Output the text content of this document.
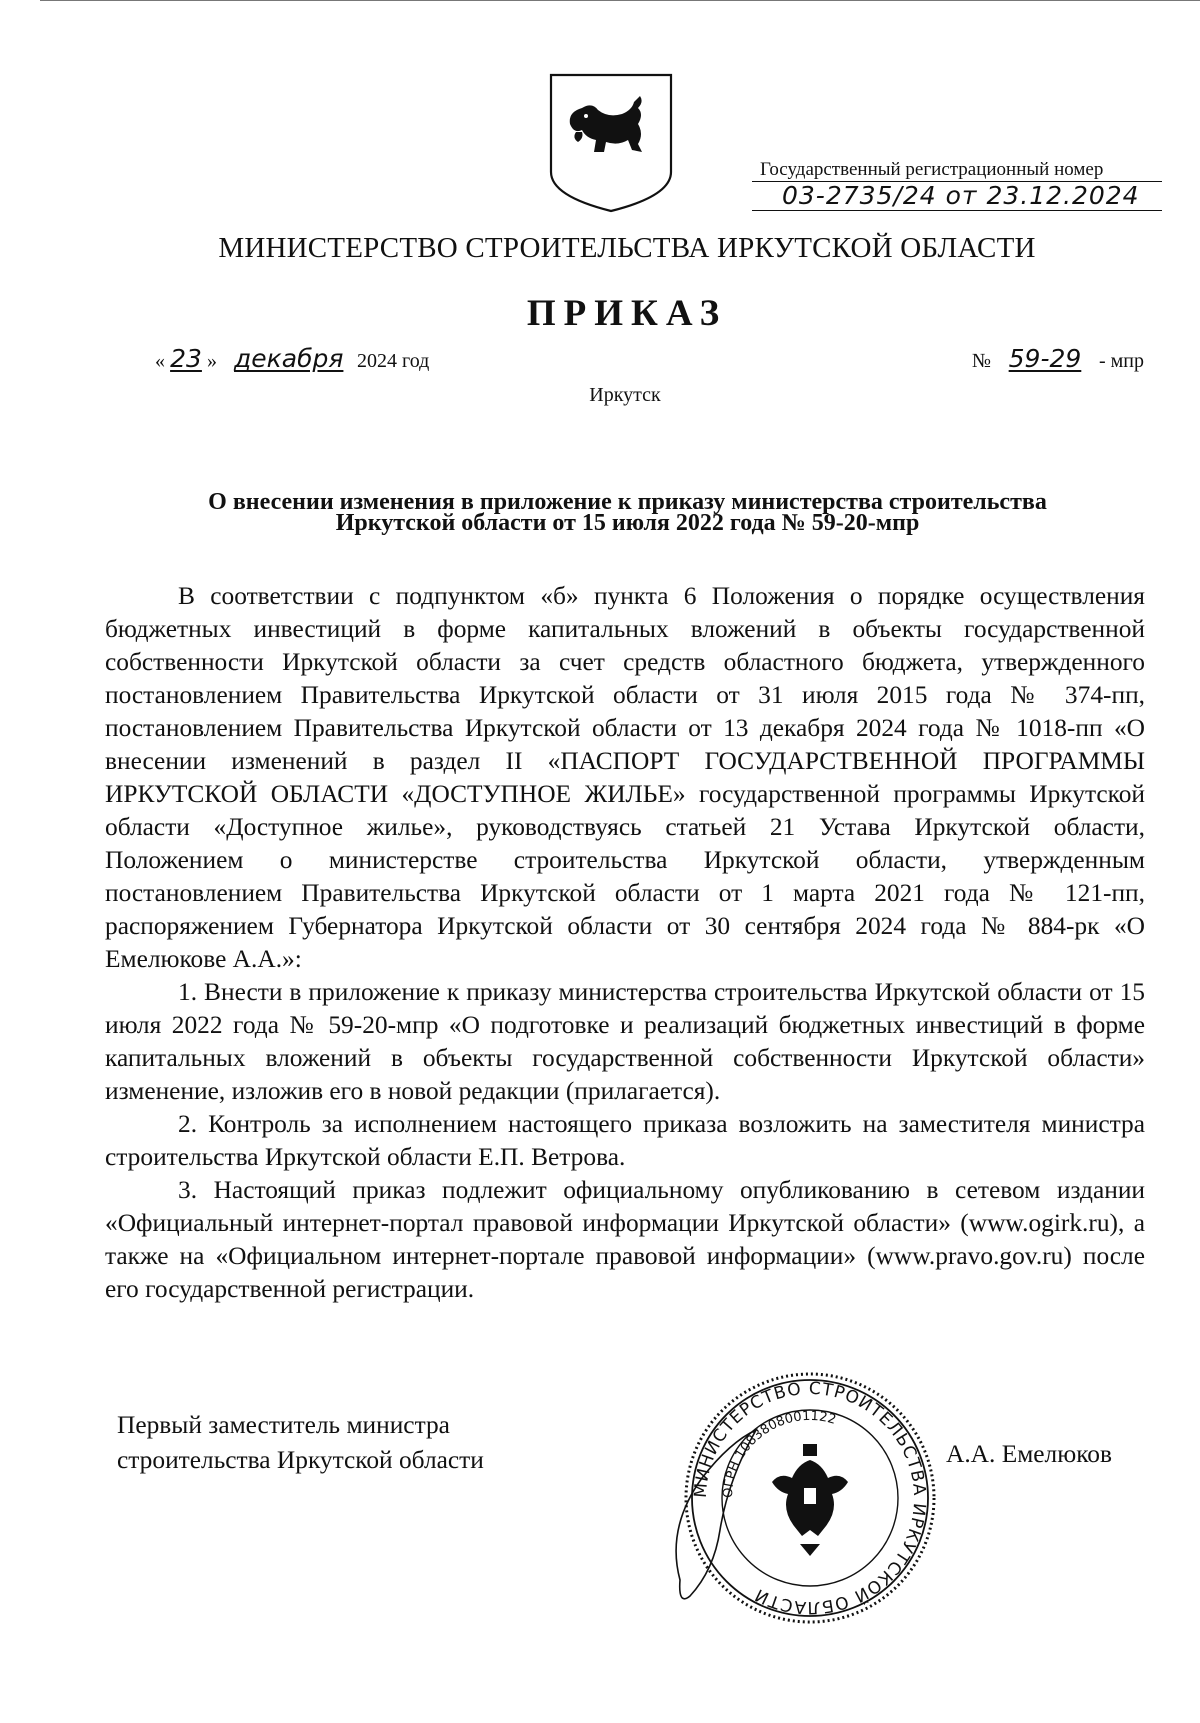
Государственный регистрационный номер
03-2735/24 от 23.12.2024
МИНИСТЕРСТВО СТРОИТЕЛЬСТВА ИРКУТСКОЙ ОБЛАСТИ
ПРИКАЗ
« 23 » декабря 2024 год	№ 59-29 - мпр
Иркутск
О внесении изменения в приложение к приказу министерства строительства
Иркутской области от 15 июля 2022 года № 59-20-мпр

В соответствии с подпунктом «б» пункта 6 Положения о порядке осуществления бюджетных инвестиций в форме капитальных вложений в объекты государственной собственности Иркутской области за счет средств областного бюджета, утвержденного постановлением Правительства Иркутской области от 31 июля 2015 года № 374-пп, постановлением Правительства Иркутской области от 13 декабря 2024 года № 1018-пп «О внесении изменений в раздел II «ПАСПОРТ ГОСУДАРСТВЕННОЙ ПРОГРАММЫ ИРКУТСКОЙ ОБЛАСТИ «ДОСТУПНОЕ ЖИЛЬЕ» государственной программы Иркутской области «Доступное жилье», руководствуясь статьей 21 Устава Иркутской области, Положением о министерстве строительства Иркутской области, утвержденным постановлением Правительства Иркутской области от 1 марта 2021 года № 121-пп, распоряжением Губернатора Иркутской области от 30 сентября 2024 года № 884-рк «О Емелюкове А.А.»:

1. Внести в приложение к приказу министерства строительства Иркутской области от 15 июля 2022 года № 59-20-мпр «О подготовке и реализаций бюджетных инвестиций в форме капитальных вложений в объекты государственной собственности Иркутской области» изменение, изложив его в новой редакции (прилагается).

2. Контроль за исполнением настоящего приказа возложить на заместителя министра строительства Иркутской области Е.П. Ветрова.

3. Настоящий приказ подлежит официальному опубликованию в сетевом издании «Официальный интернет-портал правовой информации Иркутской области» (www.ogirk.ru), а также на «Официальном интернет-портале правовой информации» (www.pravo.gov.ru) после его государственной регистрации.

Первый заместитель министра
строительства Иркутской области
МИНИСТЕРСТВО СТРОИТЕЛЬСТВА ИРКУТСКОЙ ОБЛАСТИ
ОГРН 1083808001122
А.А. Емелюков
